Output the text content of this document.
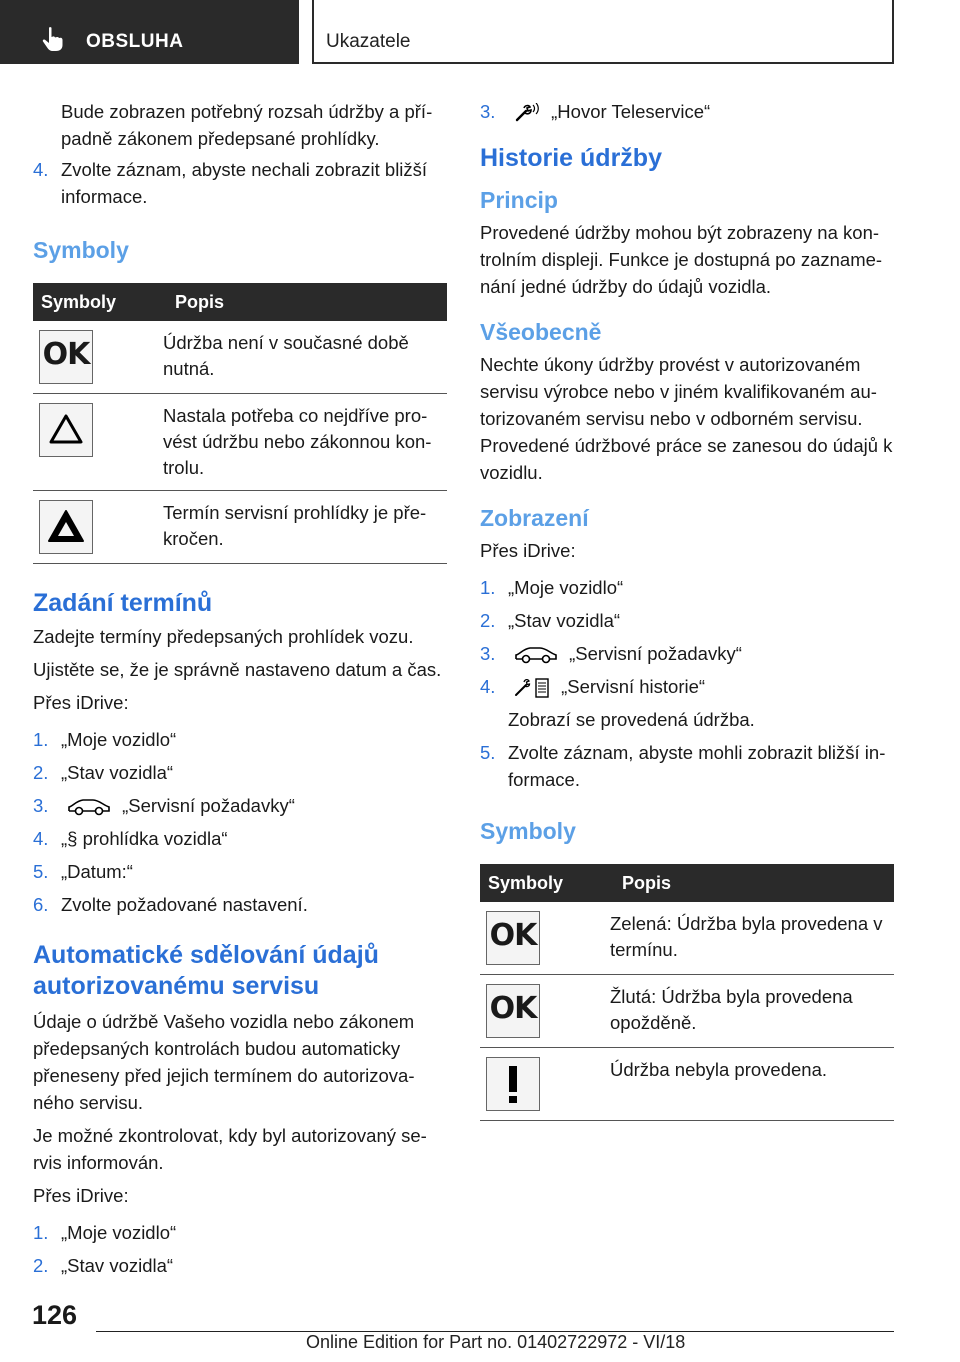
OBSLUHA	Ukazatele

Bude zobrazen potřebný rozsah údržby a případně zákonem předepsané prohlídky.

4. Zvolte záznam, abyste nechali zobrazit bližší informace.
Symboly
Symboly	Popis

OK	Údržba není v současné době nutná.

	Nastala potřeba co nejdříve provést údržbu nebo zákonnou kontrolu.

	Termín servisní prohlídky je překročen.
Zadání termínů

Zadejte termíny předepsaných prohlídek vozu.

Ujistěte se, že je správně nastaveno datum a čas.

Přes iDrive:

1. „Moje vozidlo“
2. „Stav vozidla“
3.	„Servisní požadavky“
4. „§ prohlídka vozidla“
5. „Datum:“
6. Zvolte požadované nastavení.
Automatické sdělování údajů autorizovanému servisu

Údaje o údržbě Vašeho vozidla nebo zákonem předepsaných kontrolách budou automaticky přeneseny před jejich termínem do autorizovaného servisu.

Je možné zkontrolovat, kdy byl autorizovaný servis informován.

Přes iDrive:

1. „Moje vozidlo“
2. „Stav vozidla“
3.	„Hovor Teleservice“
Historie údržby
Princip

Provedené údržby mohou být zobrazeny na kontrolním displeji. Funkce je dostupná po zaznamenání jedné údržby do údajů vozidla.

Všeobecně

Nechte úkony údržby provést v autorizovaném servisu výrobce nebo v jiném kvalifikovaném autorizovaném servisu nebo v odborném servisu. Provedené údržbové práce se zanesou do údajů k vozidlu.

Zobrazení

Přes iDrive:

1. „Moje vozidlo“
2. „Stav vozidla“
3.	„Servisní požadavky“
4.	„Servisní historie“

Zobrazí se provedená údržba.

5. Zvolte záznam, abyste mohli zobrazit bližší informace.
Symboly
Symboly	Popis

OK	Zelená: Údržba byla provedena v termínu.

OK	Žlutá: Údržba byla provedena opožděně.

	Údržba nebyla provedena.
126
Online Edition for Part no. 01402722972 - VI/18
